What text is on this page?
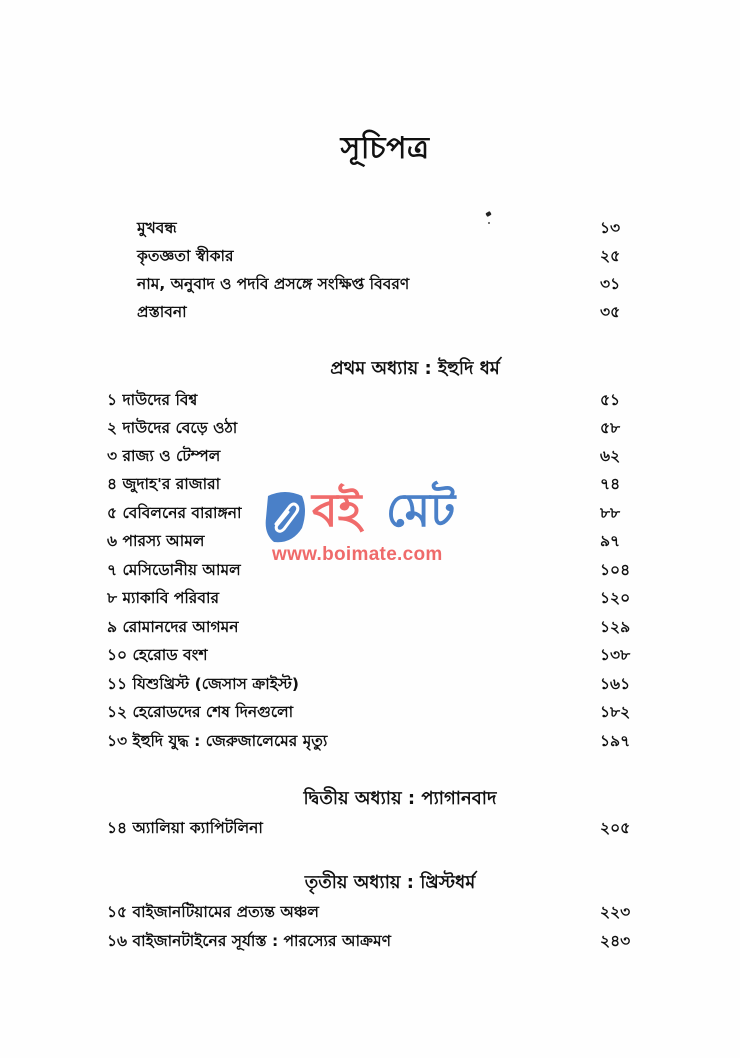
সূচিপত্র
মুখবন্ধ	১৩
কৃতজ্ঞতা স্বীকার	২৫
নাম, অনুবাদ ও পদবি প্রসঙ্গে সংক্ষিপ্ত বিবরণ	৩১
প্রস্তাবনা	৩৫
প্রথম অধ্যায় : ইহুদি ধর্ম
১ দাউদের বিশ্ব	৫১
২ দাউদের বেড়ে ওঠা	৫৮
৩ রাজ্য ও টেম্পল	৬২
৪ জুদাহ'র রাজারা	৭৪
৫ বেবিলনের বারাঙ্গনা	৮৮
৬ পারস্য আমল	৯৭
৭ মেসিডোনীয় আমল	১০৪
৮ ম্যাকাবি পরিবার	১২০
৯ রোমানদের আগমন	১২৯
১০ হেরোড বংশ	১৩৮
১১ যিশুখ্রিস্ট (জেসাস ক্রাইস্ট)	১৬১
১২ হেরোডদের শেষ দিনগুলো	১৮২
১৩ ইহুদি যুদ্ধ : জেরুজালেমের মৃত্যু	১৯৭
দ্বিতীয় অধ্যায় : প্যাগানবাদ
১৪ অ্যালিয়া ক্যাপিটলিনা	২০৫
তৃতীয় অধ্যায় : খ্রিস্টধর্ম
১৫ বাইজানটিয়ামের প্রত্যন্ত অঞ্চল	২২৩
১৬ বাইজানটাইনের সূর্যাস্ত : পারস্যের আক্রমণ	২৪৩
বই মেট
www.boimate.com
